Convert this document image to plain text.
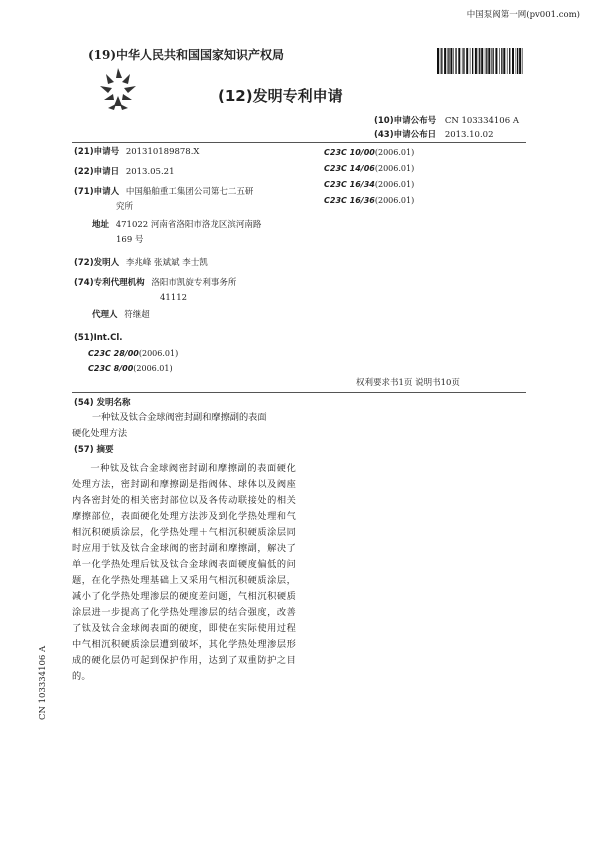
中国泵阀第一网(pv001.com)
(19)中华人民共和国国家知识产权局
(12)发明专利申请
(10)申请公布号 CN 103334106 A
(43)申请公布日 2013.10.02
(21)申请号 201310189878.X
(22)申请日 2013.05.21
(71)申请人 中国船舶重工集团公司第七二五研
究所
地址 471022 河南省洛阳市洛龙区滨河南路
169 号
(72)发明人 李兆峰 张斌斌 李士凯
(74)专利代理机构 洛阳市凯旋专利事务所
41112
代理人 符继超
(51)Int.Cl.
C23C 28/00(2006.01)
C23C 8/00(2006.01)
C23C 10/00(2006.01)
C23C 14/06(2006.01)
C23C 16/34(2006.01)
C23C 16/36(2006.01)
权利要求书1页 说明书10页
(54) 发明名称
一种钛及钛合金球阀密封副和摩擦副的表面
硬化处理方法
(57) 摘要
一种钛及钛合金球阀密封副和摩擦副的表面硬化处理方法，密封副和摩擦副是指阀体、球体以及阀座内各密封处的相关密封部位以及各传动联接处的相关摩擦部位，表面硬化处理方法涉及到化学热处理和气相沉积硬质涂层，化学热处理＋气相沉积硬质涂层同时应用于钛及钛合金球阀的密封副和摩擦副，解决了单一化学热处理后钛及钛合金球阀表面硬度偏低的问题，在化学热处理基础上又采用气相沉积硬质涂层，减小了化学热处理渗层的硬度差问题，气相沉积硬质涂层进一步提高了化学热处理渗层的结合强度，改善了钛及钛合金球阀表面的硬度，即使在实际使用过程中气相沉积硬质涂层遭到破坏，其化学热处理渗层形成的硬化层仍可起到保护作用，达到了双重防护之目的。
CN 103334106 A
